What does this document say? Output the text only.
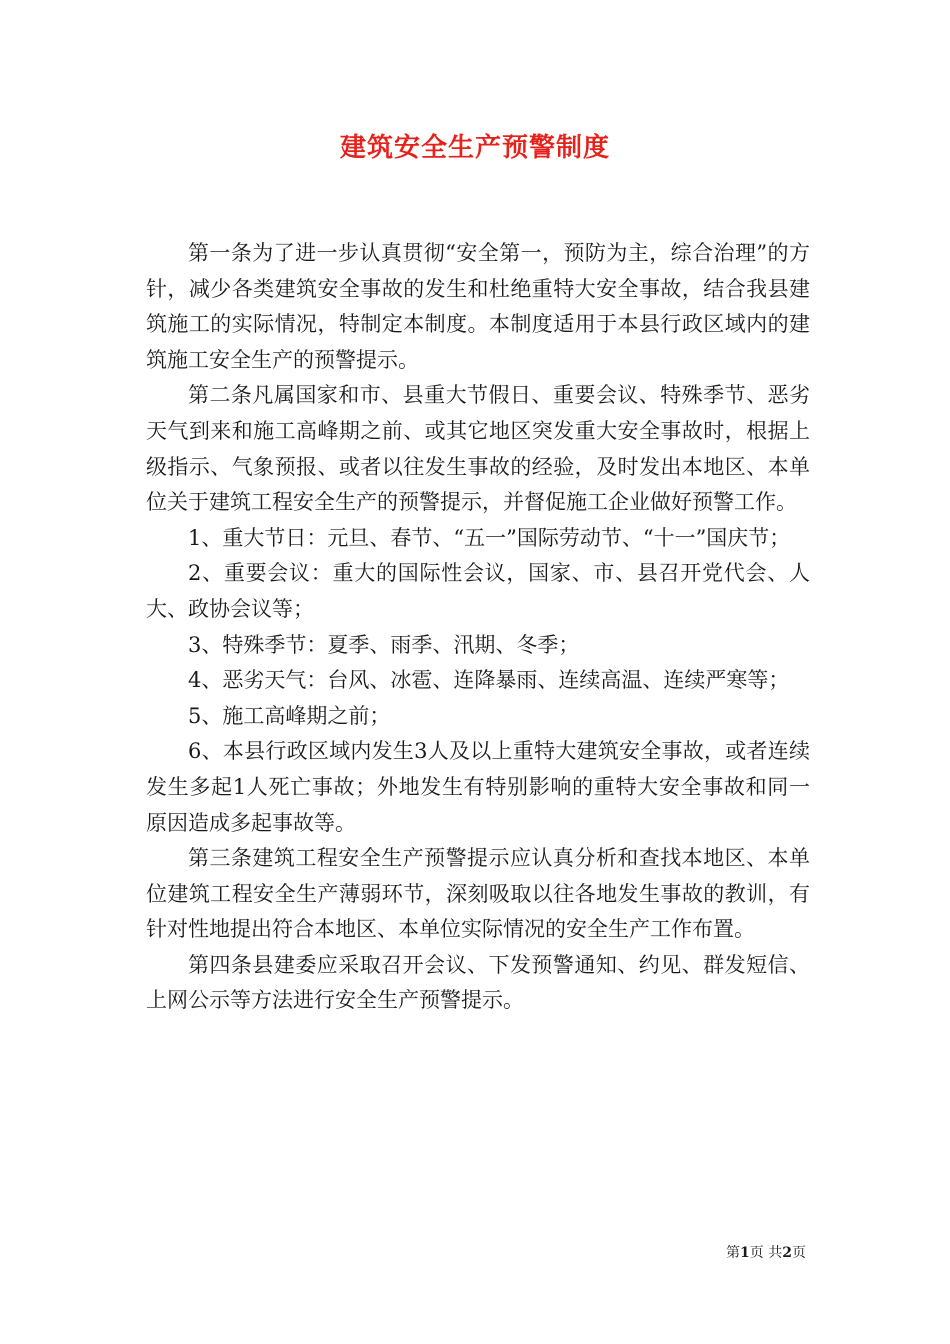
建筑安全生产预警制度

第一条为了进一步认真贯彻“安全第一，预防为主，综合治理”的方针，减少各类建筑安全事故的发生和杜绝重特大安全事故，结合我县建筑施工的实际情况，特制定本制度。本制度适用于本县行政区域内的建筑施工安全生产的预警提示。

第二条凡属国家和市、县重大节假日、重要会议、特殊季节、恶劣天气到来和施工高峰期之前、或其它地区突发重大安全事故时，根据上级指示、气象预报、或者以往发生事故的经验，及时发出本地区、本单位关于建筑工程安全生产的预警提示，并督促施工企业做好预警工作。

1、重大节日：元旦、春节、“五一”国际劳动节、“十一”国庆节；

2、重要会议：重大的国际性会议，国家、市、县召开党代会、人大、政协会议等；

3、特殊季节：夏季、雨季、汛期、冬季；

4、恶劣天气：台风、冰雹、连降暴雨、连续高温、连续严寒等；

5、施工高峰期之前；

6、本县行政区域内发生3人及以上重特大建筑安全事故，或者连续发生多起1人死亡事故；外地发生有特别影响的重特大安全事故和同一原因造成多起事故等。

第三条建筑工程安全生产预警提示应认真分析和查找本地区、本单位建筑工程安全生产薄弱环节，深刻吸取以往各地发生事故的教训，有针对性地提出符合本地区、本单位实际情况的安全生产工作布置。

第四条县建委应采取召开会议、下发预警通知、约见、群发短信、上网公示等方法进行安全生产预警提示。

第1页 共2页
